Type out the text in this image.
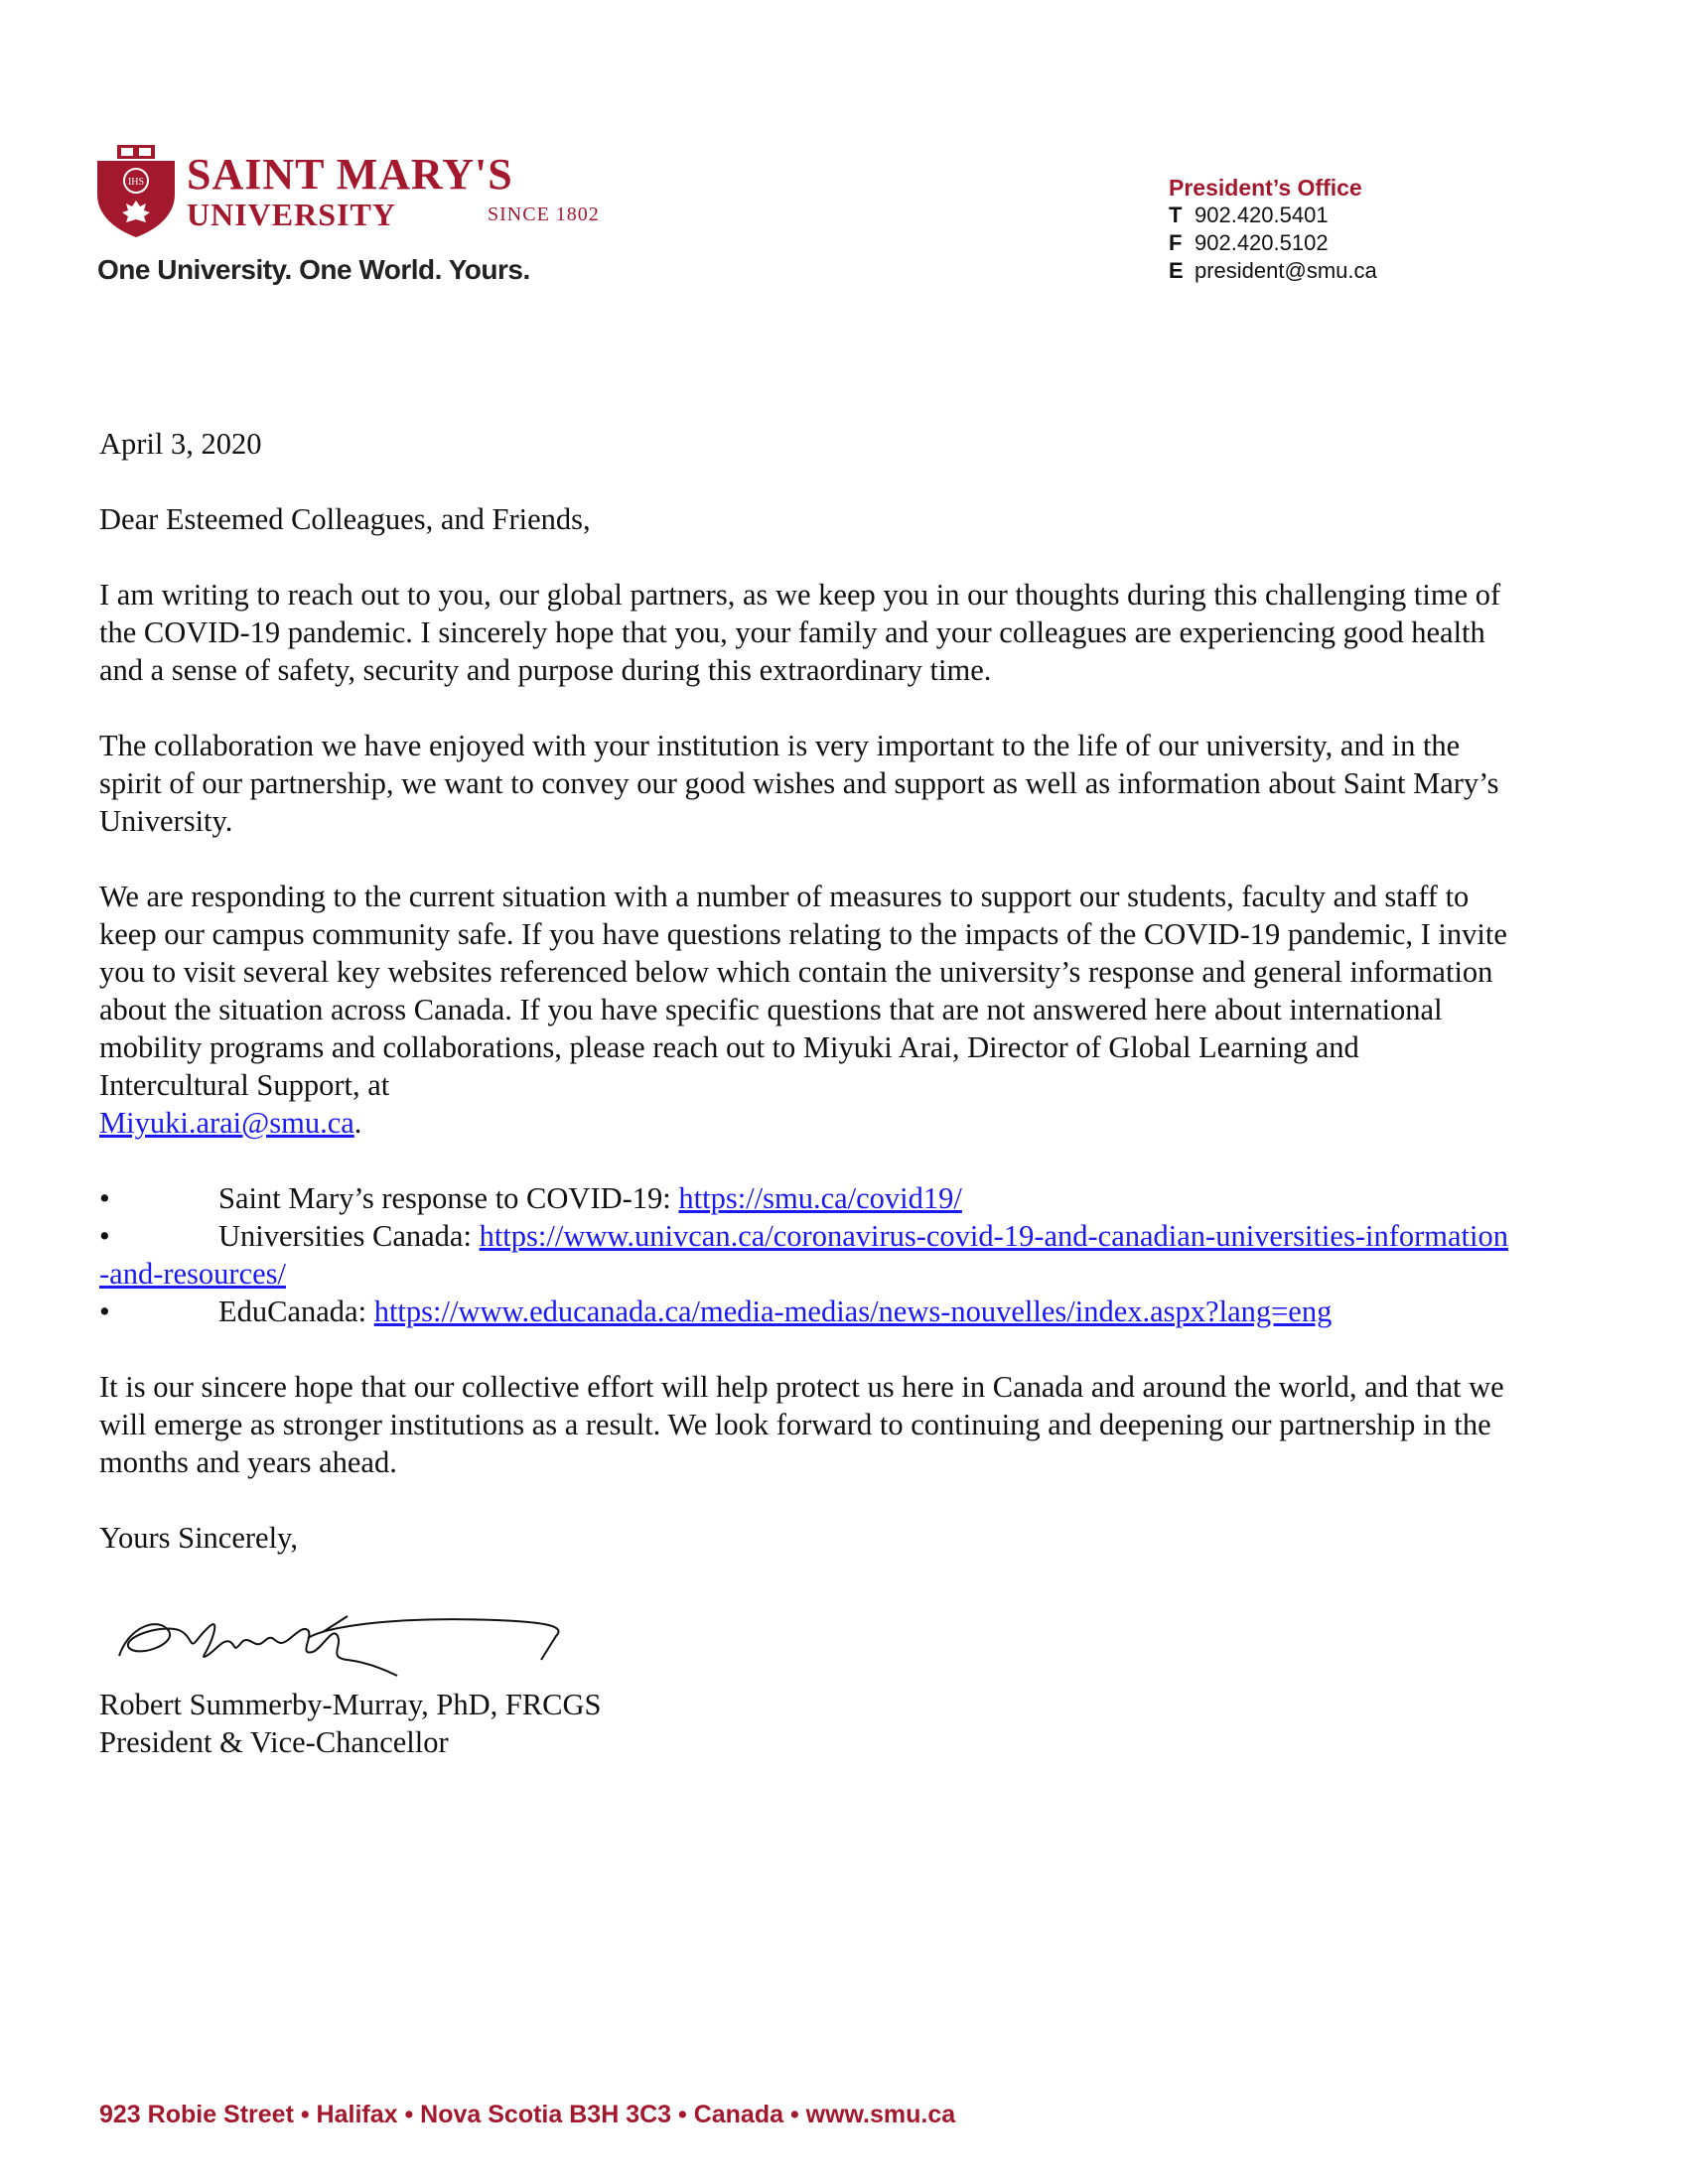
IHS SAINT MARY'S
UNIVERSITY	SINCE 1802
One University. One World. Yours.
President’s Office
T 902.420.5401
F 902.420.5102
E president@smu.ca

April 3, 2020

Dear Esteemed Colleagues, and Friends,

I am writing to reach out to you, our global partners, as we keep you in our thoughts during this challenging time of the COVID-19 pandemic. I sincerely hope that you, your family and your colleagues are experiencing good health and a sense of safety, security and purpose during this extraordinary time.

The collaboration we have enjoyed with your institution is very important to the life of our university, and in the spirit of our partnership, we want to convey our good wishes and support as well as information about Saint Mary’s University.

We are responding to the current situation with a number of measures to support our students, faculty and staff to keep our campus community safe. If you have questions relating to the impacts of the COVID-19 pandemic, I invite you to visit several key websites referenced below which contain the university’s response and general information about the situation across Canada. If you have specific questions that are not answered here about international mobility programs and collaborations, please reach out to Miyuki Arai, Director of Global Learning and Intercultural Support, at
Miyuki.arai@smu.ca.

•	Saint Mary’s response to COVID-19: https://smu.ca/covid19/
•	Universities Canada: https://www.univcan.ca/coronavirus-covid-19-and-canadian-universities-information-and-resources/
•	EduCanada: https://www.educanada.ca/media-medias/news-nouvelles/index.aspx?lang=eng

It is our sincere hope that our collective effort will help protect us here in Canada and around the world, and that we will emerge as stronger institutions as a result. We look forward to continuing and deepening our partnership in the months and years ahead.

Yours Sincerely,

Robert Summerby-Murray, PhD, FRCGS

President & Vice-Chancellor

923 Robie Street • Halifax • Nova Scotia B3H 3C3 • Canada • www.smu.ca
